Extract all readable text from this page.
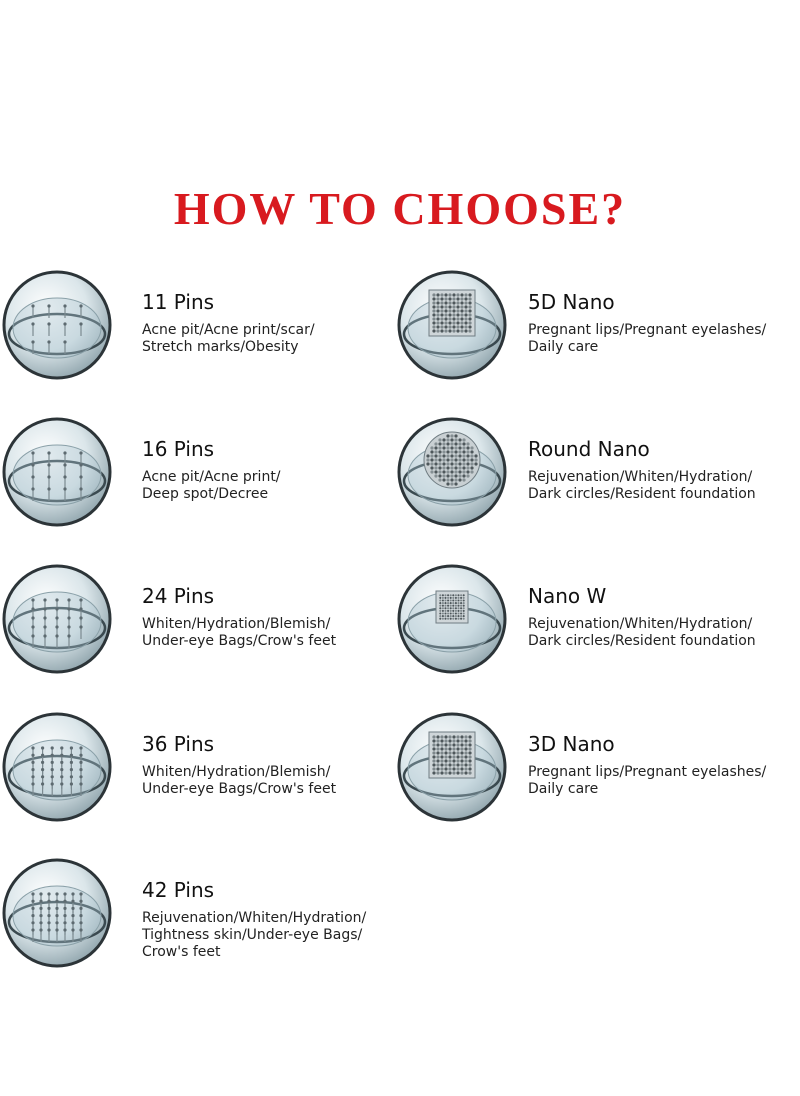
HOW TO CHOOSE?
11 Pins
Acne pit/Acne print/scar/
Stretch marks/Obesity
16 Pins
Acne pit/Acne print/
Deep spot/Decree
24 Pins
Whiten/Hydration/Blemish/
Under-eye Bags/Crow's feet
36 Pins
Whiten/Hydration/Blemish/
Under-eye Bags/Crow's feet
42 Pins
Rejuvenation/Whiten/Hydration/
Tightness skin/Under-eye Bags/
Crow's feet
5D Nano
Pregnant lips/Pregnant eyelashes/
Daily care
Round Nano
Rejuvenation/Whiten/Hydration/
Dark circles/Resident foundation
Nano W
Rejuvenation/Whiten/Hydration/
Dark circles/Resident foundation
3D Nano
Pregnant lips/Pregnant eyelashes/
Daily care
